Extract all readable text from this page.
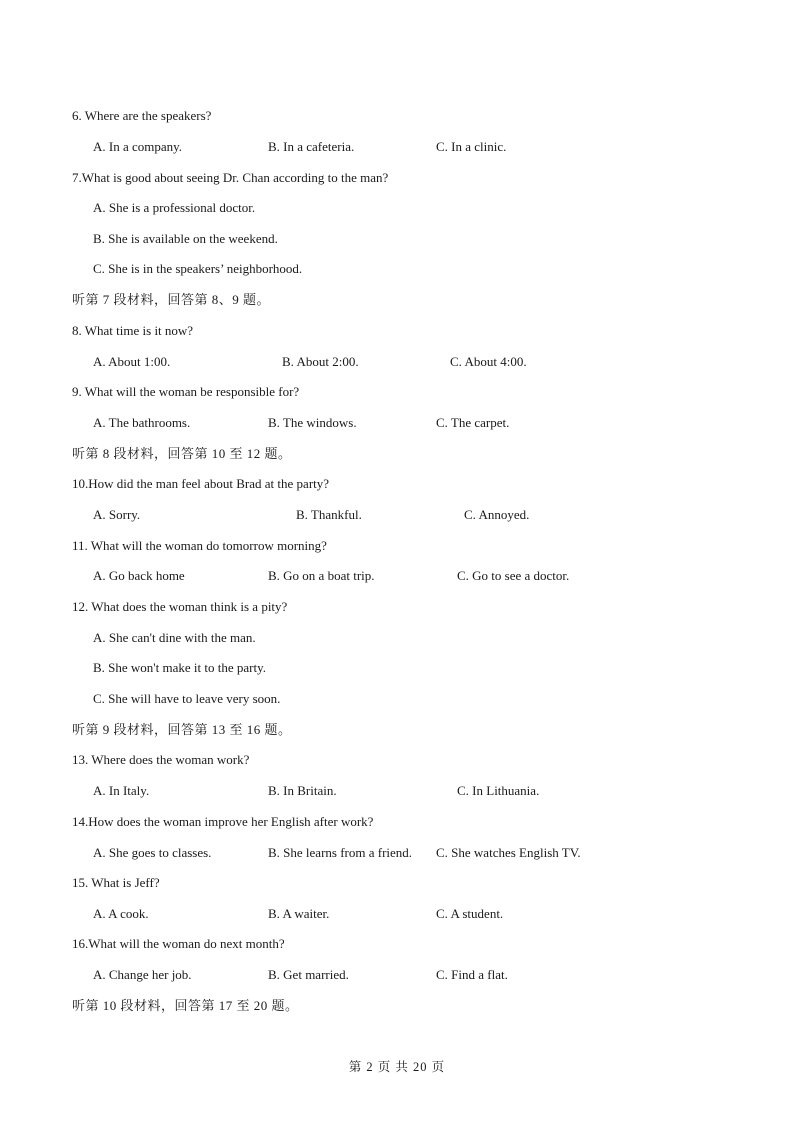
6. Where are the speakers?
A. In a company.	B. In a cafeteria.	C. In a clinic.
7.What is good about seeing Dr. Chan according to the man?
A. She is a professional doctor.
B. She is available on the weekend.
C. She is in the speakers’ neighborhood.
听第 7 段材料，回答第 8、9 题。
8. What time is it now?
A. About 1:00.	B. About 2:00.	C. About 4:00.
9. What will the woman be responsible for?
A. The bathrooms.	B. The windows.	C. The carpet.
听第 8 段材料，回答第 10 至 12 题。
10.How did the man feel about Brad at the party?
A. Sorry.	B. Thankful.	C. Annoyed.
11. What will the woman do tomorrow morning?
A. Go back home	B. Go on a boat trip.	C. Go to see a doctor.
12. What does the woman think is a pity?
A. She can't dine with the man.
B. She won't make it to the party.
C. She will have to leave very soon.
听第 9 段材料，回答第 13 至 16 题。
13. Where does the woman work?
A. In Italy.	B. In Britain.	C. In Lithuania.
14.How does the woman improve her English after work?
A. She goes to classes.	B. She learns from a friend. C. She watches English TV.
15. What is Jeff?
A. A cook.	B. A waiter.	C. A student.
16.What will the woman do next month?
A. Change her job.	B. Get married.	C. Find a flat.
听第 10 段材料，回答第 17 至 20 题。
第 2 页 共 20 页
